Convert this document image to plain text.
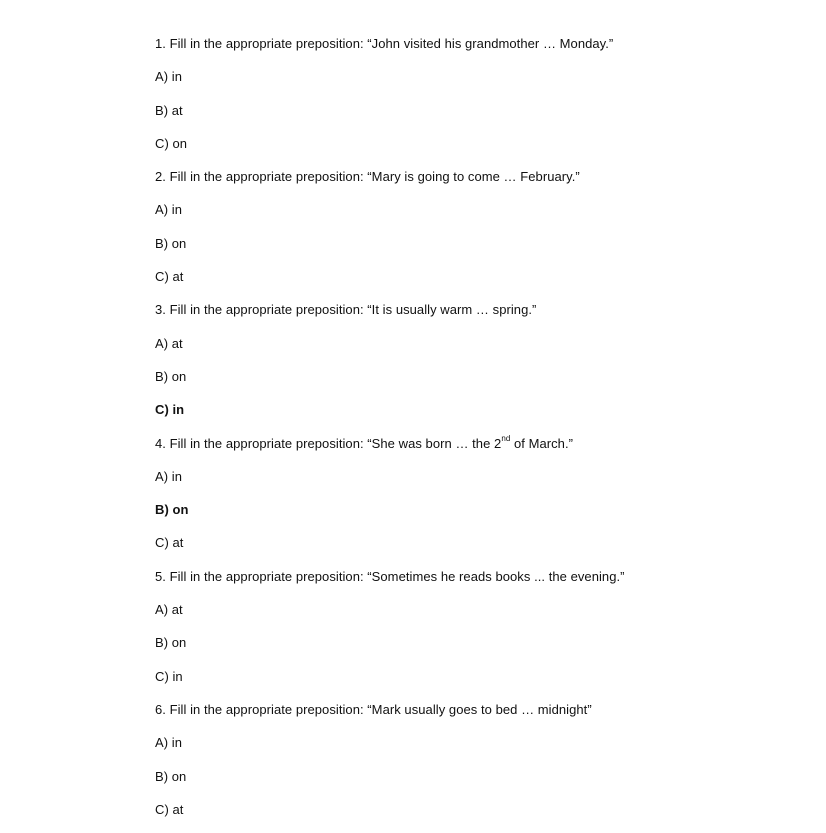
1. Fill in the appropriate preposition: “John visited his grandmother … Monday.”
A) in
B) at
C) on
2. Fill in the appropriate preposition: “Mary is going to come … February.”
A) in
B) on
C) at
3. Fill in the appropriate preposition: “It is usually warm … spring.”
A) at
B) on
C) in
4. Fill in the appropriate preposition: “She was born … the 2nd of March.”
A) in
B) on
C) at
5. Fill in the appropriate preposition: “Sometimes he reads books ... the evening.”
A) at
B) on
C) in
6. Fill in the appropriate preposition: “Mark usually goes to bed … midnight”
A) in
B) on
C) at
